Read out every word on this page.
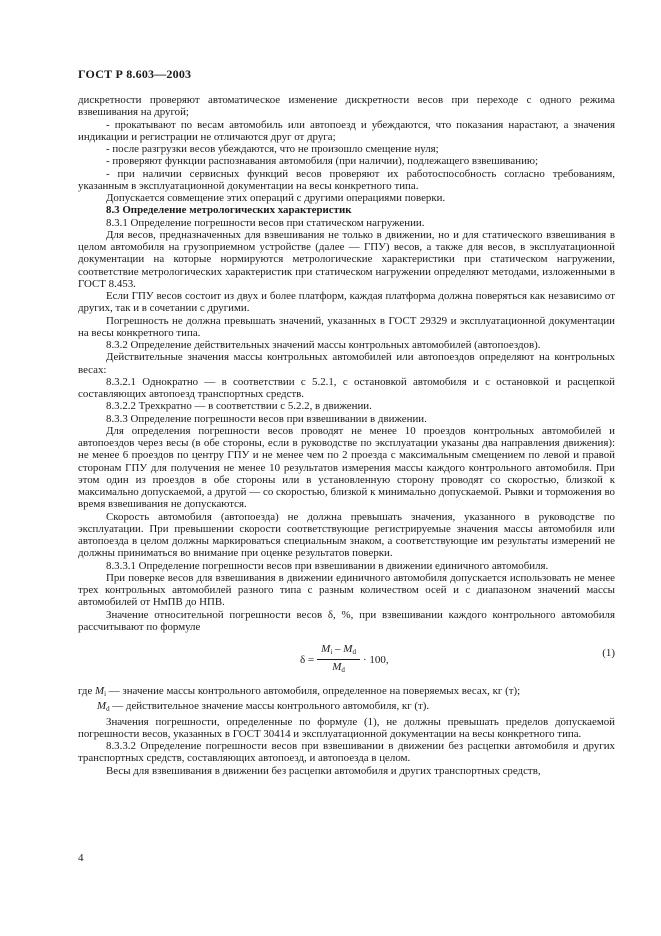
ГОСТ Р 8.603—2003

дискретности проверяют автоматическое изменение дискретности весов при переходе с одного режима взвешивания на другой;

- прокатывают по весам автомобиль или автопоезд и убеждаются, что показания нарастают, а значения индикации и регистрации не отличаются друг от друга;

- после разгрузки весов убеждаются, что не произошло смещение нуля;

- проверяют функции распознавания автомобиля (при наличии), подлежащего взвешиванию;

- при наличии сервисных функций весов проверяют их работоспособность согласно требованиям, указанным в эксплуатационной документации на весы конкретного типа.

Допускается совмещение этих операций с другими операциями поверки.

8.3 Определение метрологических характеристик

8.3.1 Определение погрешности весов при статическом нагружении.

Для весов, предназначенных для взвешивания не только в движении, но и для статического взвешивания в целом автомобиля на грузоприемном устройстве (далее — ГПУ) весов, а также для весов, в эксплуатационной документации на которые нормируются метрологические характеристики при статическом нагружении, соответствие метрологических характеристик при статическом нагружении определяют методами, изложенными в ГОСТ 8.453.

Если ГПУ весов состоит из двух и более платформ, каждая платформа должна поверяться как независимо от других, так и в сочетании с другими.

Погрешность не должна превышать значений, указанных в ГОСТ 29329 и эксплуатационной документации на весы конкретного типа.

8.3.2 Определение действительных значений массы контрольных автомобилей (автопоездов).

Действительные значения массы контрольных автомобилей или автопоездов определяют на контрольных весах:

8.3.2.1 Однократно — в соответствии с 5.2.1, с остановкой автомобиля и с остановкой и расцепкой составляющих автопоезд транспортных средств.

8.3.2.2 Трехкратно — в соответствии с 5.2.2, в движении.

8.3.3 Определение погрешности весов при взвешивании в движении.

Для определения погрешности весов проводят не менее 10 проездов контрольных автомобилей и автопоездов через весы (в обе стороны, если в руководстве по эксплуатации указаны два направления движения): не менее 6 проездов по центру ГПУ и не менее чем по 2 проезда с максимальным смещением по левой и правой сторонам ГПУ для получения не менее 10 результатов измерения массы каждого контрольного автомобиля. При этом один из проездов в обе стороны или в установленную сторону проводят со скоростью, близкой к максимально допускаемой, а другой — со скоростью, близкой к минимально допускаемой. Рывки и торможения во время взвешивания не допускаются.

Скорость автомобиля (автопоезда) не должна превышать значения, указанного в руководстве по эксплуатации. При превышении скорости соответствующие регистрируемые значения массы автомобиля или автопоезда в целом должны маркироваться специальным знаком, а соответствующие им результаты измерений не должны приниматься во внимание при оценке результатов поверки.

8.3.3.1 Определение погрешности весов при взвешивании в движении единичного автомобиля.

При поверке весов для взвешивания в движении единичного автомобиля допускается использовать не менее трех контрольных автомобилей разного типа с разным количеством осей и с диапазоном значений массы автомобилей от НмПВ до НПВ.

Значение относительной погрешности весов δ, %, при взвешивании каждого контрольного автомобиля рассчитывают по формуле

$\delta = \frac{M_i - M_d}{M_d} \cdot 100$,
(1)

где $M_i$ — значение массы контрольного автомобиля, определенное на поверяемых весах, кг (т);

$M_d$ — действительное значение массы контрольного автомобиля, кг (т).

Значения погрешности, определенные по формуле (1), не должны превышать пределов допускаемой погрешности весов, указанных в ГОСТ 30414 и эксплуатационной документации на весы конкретного типа.

8.3.3.2 Определение погрешности весов при взвешивании в движении без расцепки автомобиля и других транспортных средств, составляющих автопоезд, и автопоезда в целом.

Весы для взвешивания в движении без расцепки автомобиля и других транспортных средств,

4
